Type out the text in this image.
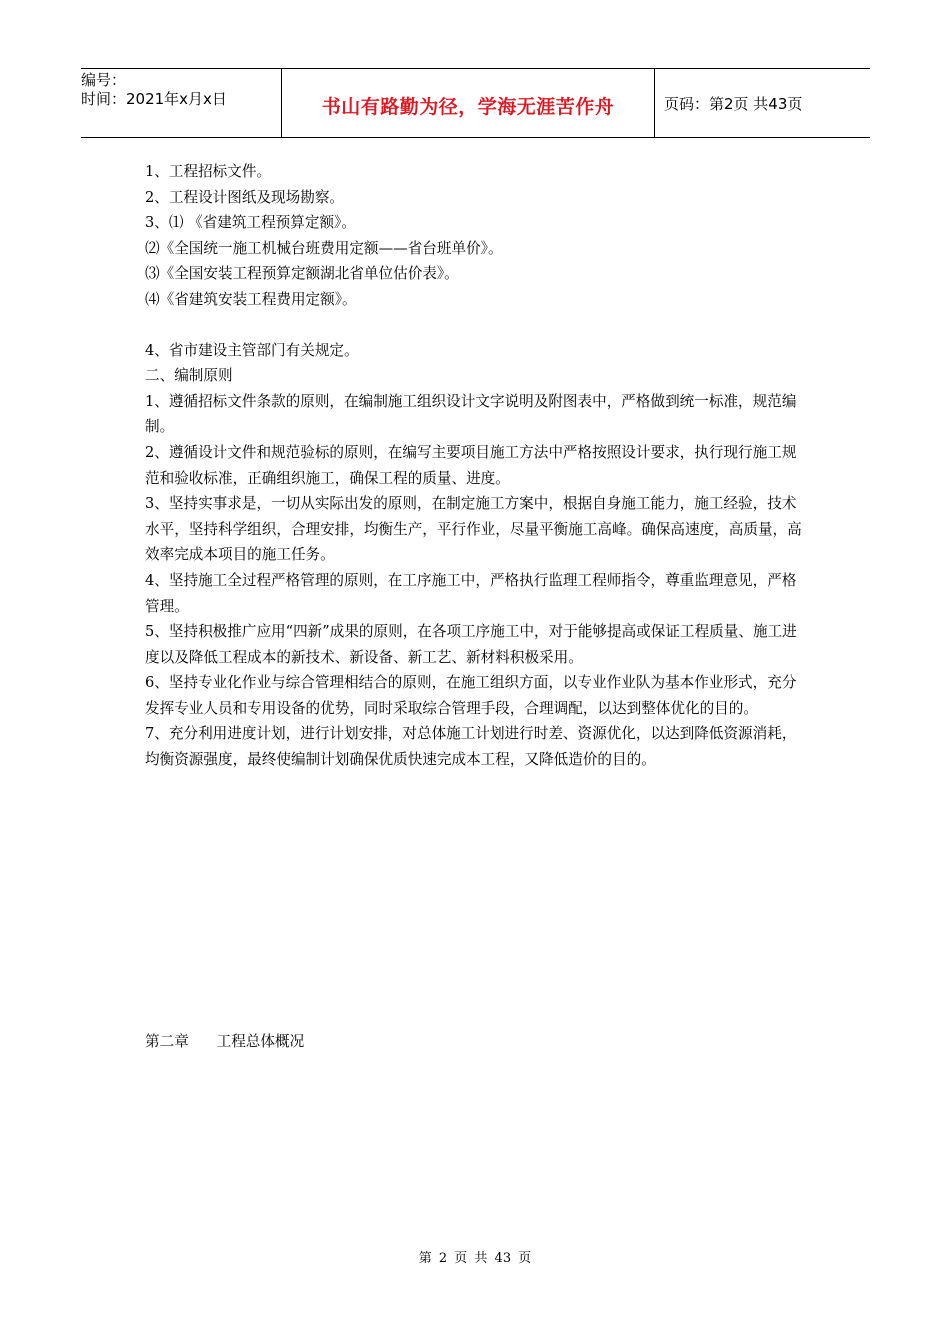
编号：
时间：2021年x月x日	书山有路勤为径，学海无涯苦作舟	页码：第2页 共43页

1、工程招标文件。

2、工程设计图纸及现场勘察。

3、⑴ 《省建筑工程预算定额》。

⑵《全国统一施工机械台班费用定额——省台班单价》。

⑶《全国安装工程预算定额湖北省单位估价表》。

⑷《省建筑安装工程费用定额》。

4、省市建设主管部门有关规定。

二、编制原则

1、遵循招标文件条款的原则，在编制施工组织设计文字说明及附图表中，严格做到统一标准，规范编制。

2、遵循设计文件和规范验标的原则，在编写主要项目施工方法中严格按照设计要求，执行现行施工规范和验收标准，正确组织施工，确保工程的质量、进度。

3、坚持实事求是，一切从实际出发的原则，在制定施工方案中，根据自身施工能力，施工经验，技术水平，坚持科学组织，合理安排，均衡生产，平行作业，尽量平衡施工高峰。确保高速度，高质量，高效率完成本项目的施工任务。

4、坚持施工全过程严格管理的原则，在工序施工中，严格执行监理工程师指令，尊重监理意见，严格管理。

5、坚持积极推广应用“四新”成果的原则，在各项工序施工中，对于能够提高或保证工程质量、施工进度以及降低工程成本的新技术、新设备、新工艺、新材料积极采用。

6、坚持专业化作业与综合管理相结合的原则，在施工组织方面，以专业作业队为基本作业形式，充分发挥专业人员和专用设备的优势，同时采取综合管理手段，合理调配，以达到整体优化的目的。

7、充分利用进度计划，进行计划安排，对总体施工计划进行时差、资源优化，以达到降低资源消耗，均衡资源强度，最终使编制计划确保优质快速完成本工程，又降低造价的目的。

第二章      工程总体概况
第 2 页 共 43 页
